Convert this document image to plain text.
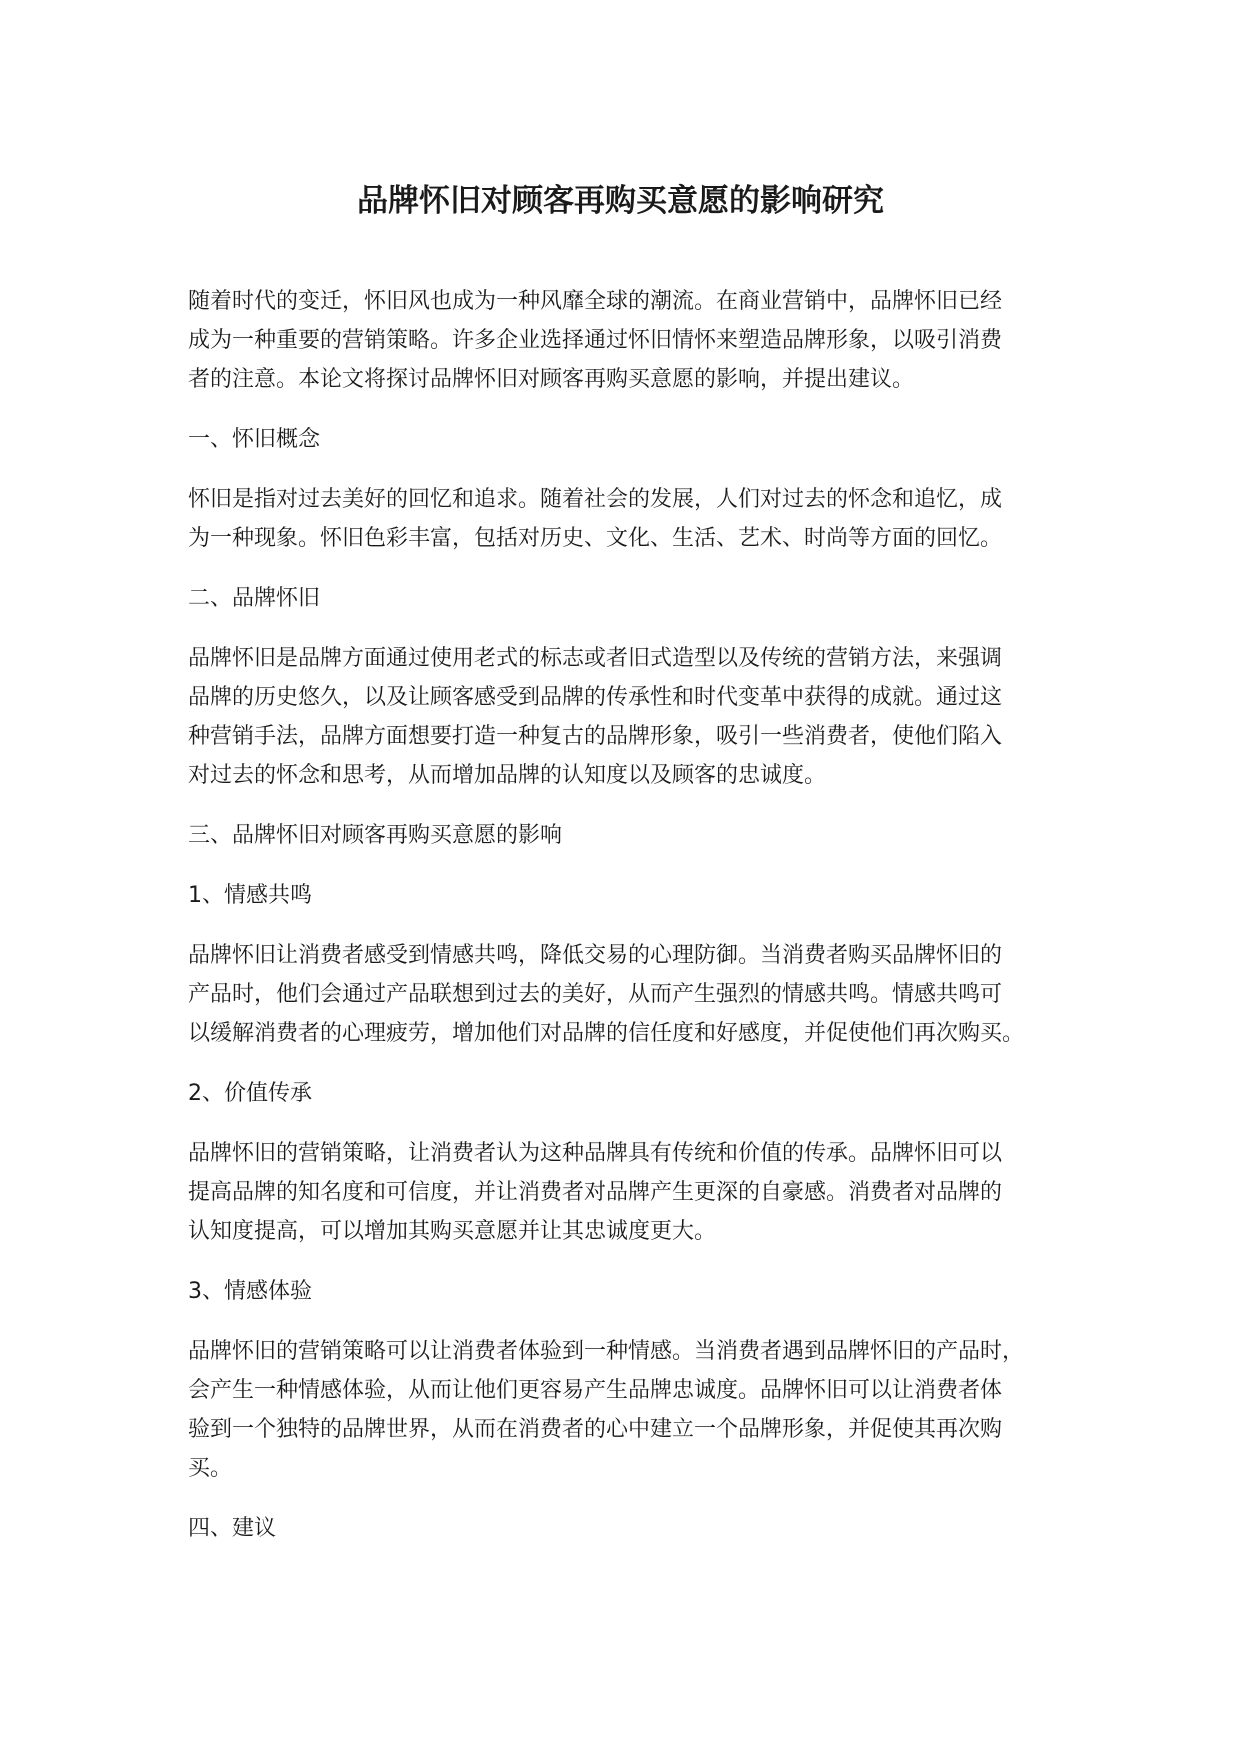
品牌怀旧对顾客再购买意愿的影响研究

随着时代的变迁，怀旧风也成为一种风靡全球的潮流。在商业营销中，品牌怀旧已经
成为一种重要的营销策略。许多企业选择通过怀旧情怀来塑造品牌形象，以吸引消费
者的注意。本论文将探讨品牌怀旧对顾客再购买意愿的影响，并提出建议。

一、怀旧概念

怀旧是指对过去美好的回忆和追求。随着社会的发展，人们对过去的怀念和追忆，成
为一种现象。怀旧色彩丰富，包括对历史、文化、生活、艺术、时尚等方面的回忆。

二、品牌怀旧

品牌怀旧是品牌方面通过使用老式的标志或者旧式造型以及传统的营销方法，来强调
品牌的历史悠久，以及让顾客感受到品牌的传承性和时代变革中获得的成就。通过这
种营销手法，品牌方面想要打造一种复古的品牌形象，吸引一些消费者，使他们陷入
对过去的怀念和思考，从而增加品牌的认知度以及顾客的忠诚度。

三、品牌怀旧对顾客再购买意愿的影响

1、情感共鸣

品牌怀旧让消费者感受到情感共鸣，降低交易的心理防御。当消费者购买品牌怀旧的
产品时，他们会通过产品联想到过去的美好，从而产生强烈的情感共鸣。情感共鸣可
以缓解消费者的心理疲劳，增加他们对品牌的信任度和好感度，并促使他们再次购买。

2、价值传承

品牌怀旧的营销策略，让消费者认为这种品牌具有传统和价值的传承。品牌怀旧可以
提高品牌的知名度和可信度，并让消费者对品牌产生更深的自豪感。消费者对品牌的
认知度提高，可以增加其购买意愿并让其忠诚度更大。

3、情感体验

品牌怀旧的营销策略可以让消费者体验到一种情感。当消费者遇到品牌怀旧的产品时，
会产生一种情感体验，从而让他们更容易产生品牌忠诚度。品牌怀旧可以让消费者体
验到一个独特的品牌世界，从而在消费者的心中建立一个品牌形象，并促使其再次购
买。

四、建议
